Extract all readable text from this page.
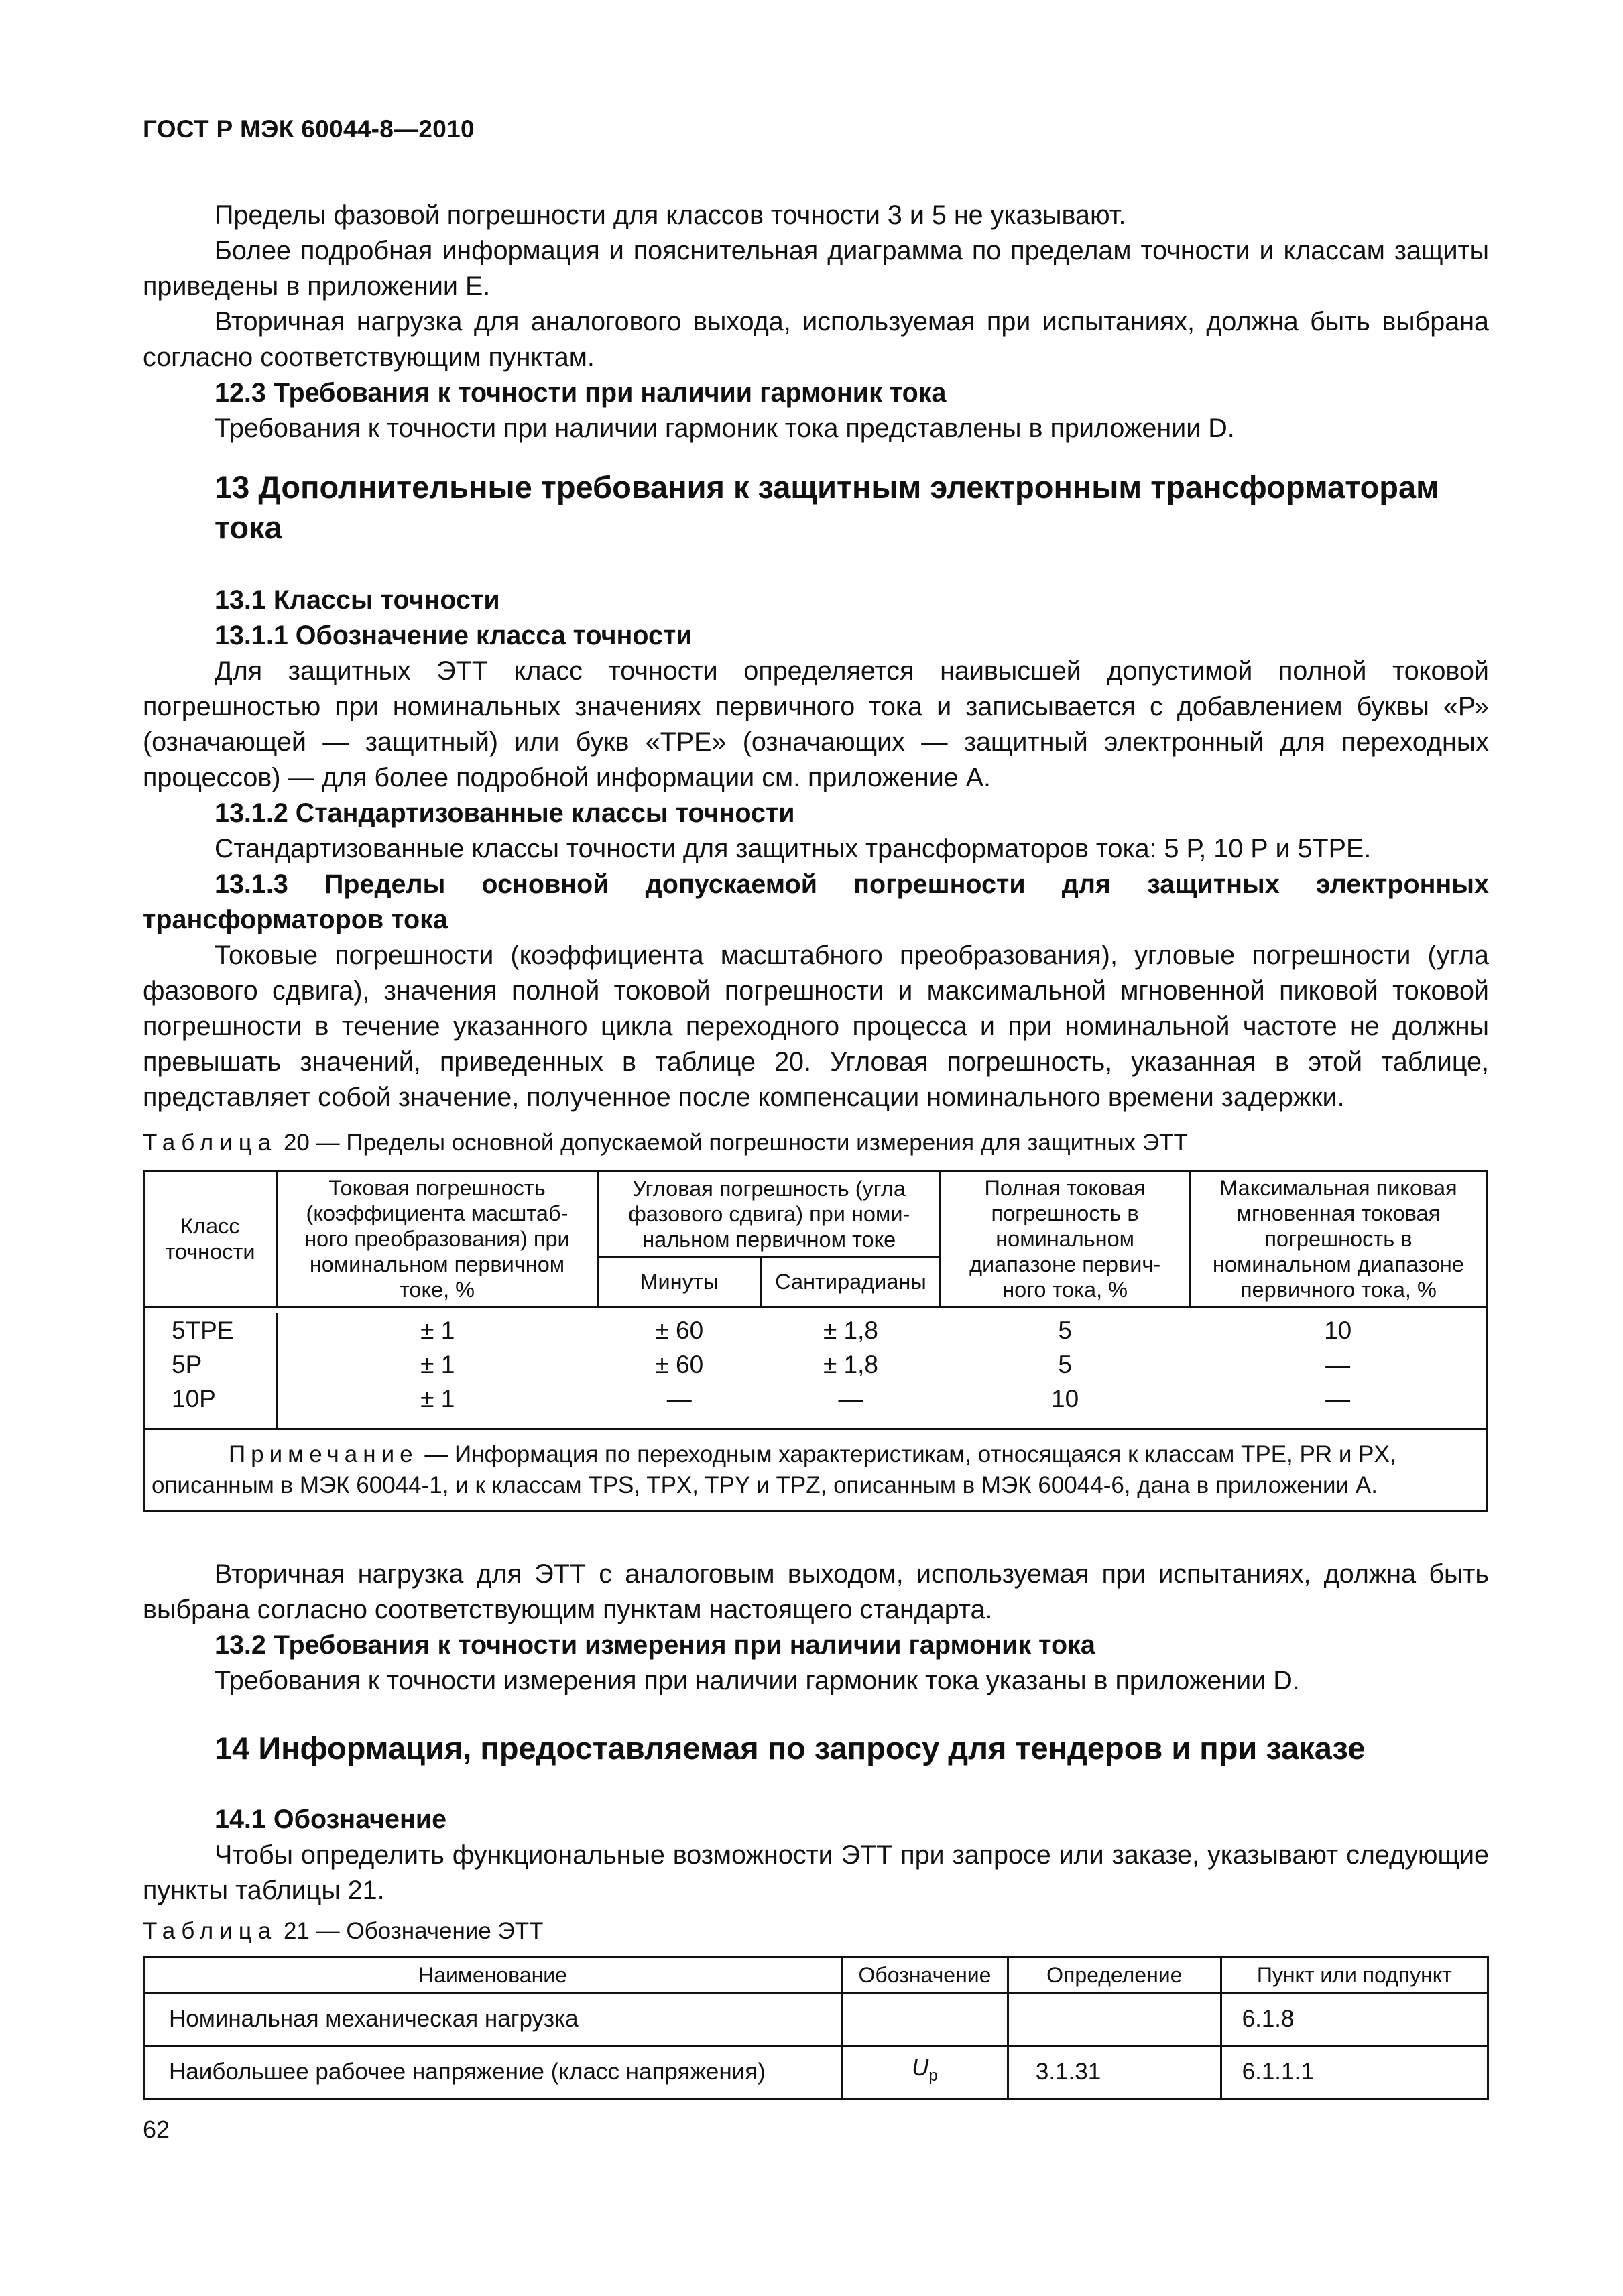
ГОСТ Р МЭК 60044-8—2010

Пределы фазовой погрешности для классов точности 3 и 5 не указывают.

Более подробная информация и пояснительная диаграмма по пределам точности и классам защиты приведены в приложении Е.

Вторичная нагрузка для аналогового выхода, используемая при испытаниях, должна быть выбрана согласно соответствующим пунктам.

12.3 Требования к точности при наличии гармоник тока

Требования к точности при наличии гармоник тока представлены в приложении D.

13 Дополнительные требования к защитным электронным трансформаторам тока

13.1 Классы точности

13.1.1 Обозначение класса точности

Для защитных ЭТТ класс точности определяется наивысшей допустимой полной токовой погрешностью при номинальных значениях первичного тока и записывается с добавлением буквы «Р» (означающей — защитный) или букв «ТРЕ» (означающих — защитный электронный для переходных процессов) — для более подробной информации см. приложение А.

13.1.2 Стандартизованные классы точности

Стандартизованные классы точности для защитных трансформаторов тока: 5 Р, 10 Р и 5ТРЕ.

13.1.3 Пределы основной допускаемой погрешности для защитных электронных трансформаторов тока

Токовые погрешности (коэффициента масштабного преобразования), угловые погрешности (угла фазового сдвига), значения полной токовой погрешности и максимальной мгновенной пиковой токовой погрешности в течение указанного цикла переходного процесса и при номинальной частоте не должны превышать значений, приведенных в таблице 20. Угловая погрешность, указанная в этой таблице, представляет собой значение, полученное после компенсации номинального времени задержки.

Таблица 20 — Пределы основной допускаемой погрешности измерения для защитных ЭТТ

Класс точности	Токовая погрешность (коэффициента масштабного преобразования) при номинальном первичном токе, %	Угловая погрешность (угла фазового сдвига) при номинальном первичном токе		Полная токовая погрешность в номинальном диапазоне первичного тока, %	Максимальная пиковая мгновенная токовая погрешность в номинальном диапазоне первичного тока, %
		Минуты	Сантирадианы		

5TPE	± 1	± 60	± 1,8	5	10
5P	± 1	± 60	± 1,8	5	—
10P	± 1	—	—	10	—
Примечание — Информация по переходным характеристикам, относящаяся к классам TPE, PR и PX, описанным в МЭК 60044-1, и к классам TPS, TPX, TPY и TPZ, описанным в МЭК 60044-6, дана в приложении А.					

Вторичная нагрузка для ЭТТ с аналоговым выходом, используемая при испытаниях, должна быть выбрана согласно соответствующим пунктам настоящего стандарта.

13.2 Требования к точности измерения при наличии гармоник тока

Требования к точности измерения при наличии гармоник тока указаны в приложении D.

14 Информация, предоставляемая по запросу для тендеров и при заказе

14.1 Обозначение

Чтобы определить функциональные возможности ЭТТ при запросе или заказе, указывают следующие пункты таблицы 21.

Таблица 21 — Обозначение ЭТТ

Наименование	Обозначение	Определение	Пункт или подпункт
Номинальная механическая нагрузка			6.1.8
Наибольшее рабочее напряжение (класс напряжения)	$U_p$	3.1.31	6.1.1.1
62
